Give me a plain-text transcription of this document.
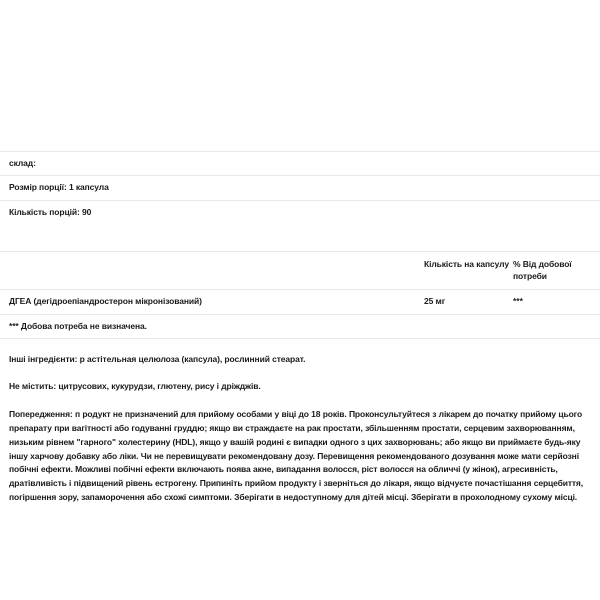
склад:
Розмір порції: 1 капсула
Кількість порцій: 90
Кількість на капсулу % Від добової потреби
ДГЕА (дегідроепіандростерон мікронізований)	25 мг	***
*** Добова потреба не визначена.

Інші інгредієнти: р астітельная целюлоза (капсула), рослинний стеарат.

Не містить: цитрусових, кукурудзи, глютену, рису і дріжджів.

Попередження: п родукт не призначений для прийому особами у віці до 18 років. Проконсультуйтеся з лікарем до початку прийому цього препарату при вагітності або годуванні груддю; якщо ви страждаєте на рак простати, збільшенням простати, серцевим захворюванням, низьким рівнем "гарного" холестерину (HDL), якщо у вашій родині є випадки одного з цих захворювань; або якщо ви приймаєте будь-яку іншу харчову добавку або ліки. Чи не перевищувати рекомендовану дозу. Перевищення рекомендованого дозування може мати серйозні побічні ефекти. Можливі побічні ефекти включають поява акне, випадання волосся, ріст волосся на обличчі (у жінок), агресивність, дратівливість і підвищений рівень естрогену. Припиніть прийом продукту і зверніться до лікаря, якщо відчуєте почастішання серцебиття, погіршення зору, запаморочення або схожі симптоми. Зберігати в недоступному для дітей місці. Зберігати в прохолодному сухому місці.
